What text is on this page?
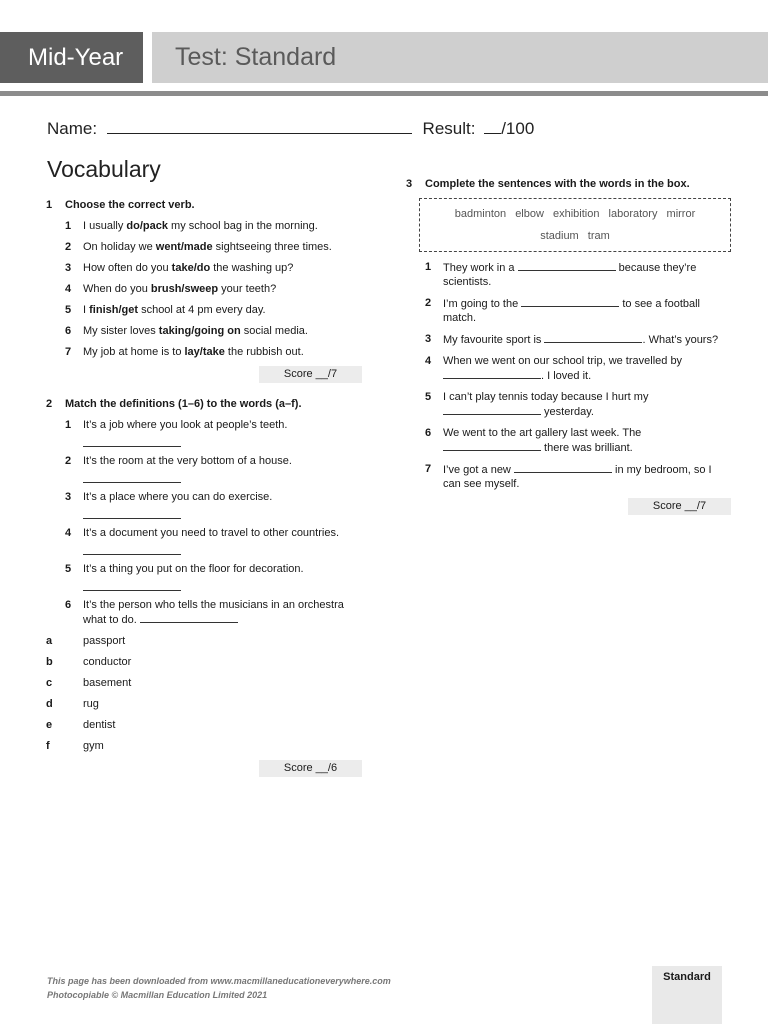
Mid-Year Test: Standard
Name:	Result: /100
Vocabulary
1	Choose the correct verb.
1	I usually do/pack my school bag in the morning.
2	On holiday we went/made sightseeing three times.
3	How often do you take/do the washing up?
4	When do you brush/sweep your teeth?
5	I finish/get school at 4 pm every day.
6	My sister loves taking/going on social media.
7	My job at home is to lay/take the rubbish out.
Score __/7
2	Match the definitions (1–6) to the words (a–f).
1	It’s a job where you look at people’s teeth.
2	It’s the room at the very bottom of a house.
3	It’s a place where you can do exercise.
4	It’s a document you need to travel to other countries.
5	It’s a thing you put on the floor for decoration.
6	It’s the person who tells the musicians in an orchestra what to do.
a	passport
b	conductor
c	basement
d	rug
e	dentist
f	gym
Score __/6
3	Complete the sentences with the words in the box.
badminton elbow exhibition laboratory mirror
stadium tram
1	They work in a	because they’re scientists.
2	I’m going to the	to see a football match.
3	My favourite sport is	. What’s yours?
4	When we went on our school trip, we travelled by . I loved it.
5	I can’t play tennis today because I hurt my  yesterday.
6	We went to the art gallery last week. The  there was brilliant.
7	I’ve got a new	in my bedroom, so I can see myself.
Score __/7
This page has been downloaded from www.macmillaneducationeverywhere.com
Photocopiable © Macmillan Education Limited 2021
Standard
